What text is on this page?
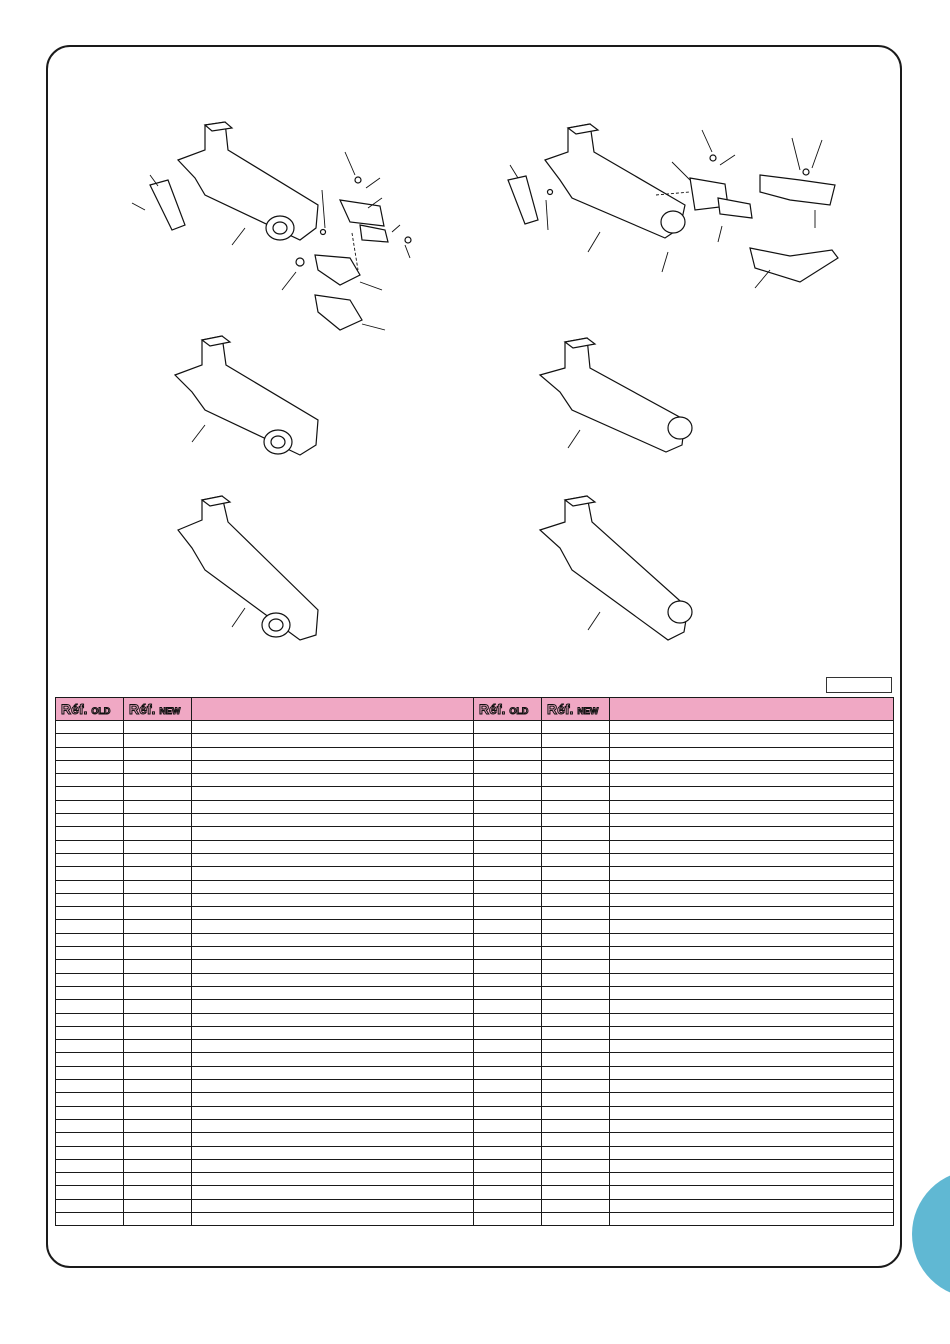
Réf. OLD	Réf. NEW		Réf. OLD	Réf. NEW	
